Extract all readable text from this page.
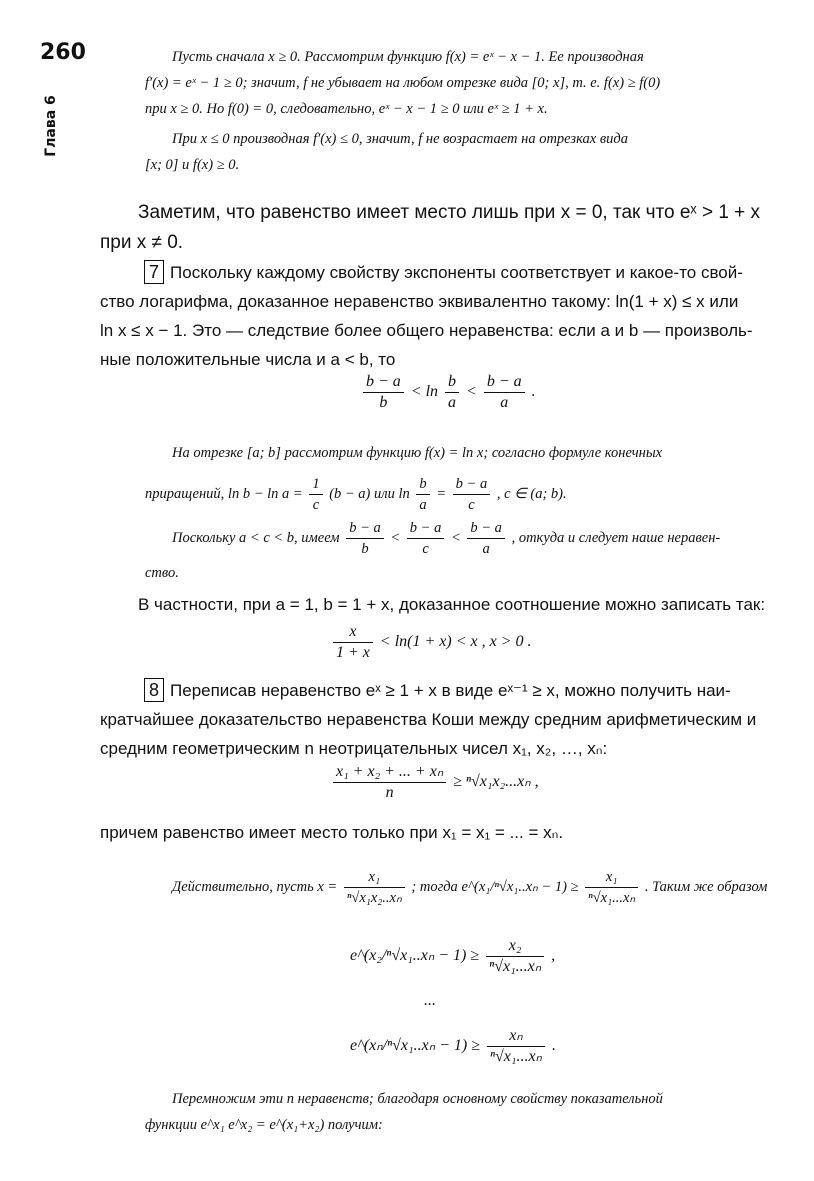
260
Глава 6
Пусть сначала x ≥ 0. Рассмотрим функцию f(x) = eˣ − x − 1. Ее производная
f′(x) = eˣ − 1 ≥ 0; значит, f не убывает на любом отрезке вида [0; x], т. е. f(x) ≥ f(0)
при x ≥ 0. Но f(0) = 0, следовательно, eˣ − x − 1 ≥ 0 или eˣ ≥ 1 + x.
При x ≤ 0 производная f′(x) ≤ 0, значит, f не возрастает на отрезках вида
[x; 0] и f(x) ≥ 0.
Заметим, что равенство имеет место лишь при x = 0, так что eˣ > 1 + x
при x ≠ 0.
7 Поскольку каждому свойству экспоненты соответствует и какое-то свой-
ство логарифма, доказанное неравенство эквивалентно такому: ln(1 + x) ≤ x или
ln x ≤ x − 1. Это — следствие более общего неравенства: если a и b — произволь-
ные положительные числа и a < b, то
$\frac{b - a}{b} < \ln \frac{b}{a} < \frac{b - a}{a}$ .
На отрезке [a; b] рассмотрим функцию f(x) = ln x; согласно формуле конечных
приращений, $\ln b - \ln a = \frac{1}{c} (b - a)$ или $\ln \frac{b}{a} = \frac{b - a}{c}$ , c ∈ (a; b).
Поскольку a < c < b, имеем $\frac{b - a}{b} < \frac{b - a}{c} < \frac{b - a}{a}$ , откуда и следует наше неравен-
ство.
В частности, при a = 1, b = 1 + x, доказанное соотношение можно записать так:
$\frac{x}{1 + x} < \ln(1 + x) < x$ , x > 0 .
8 Переписав неравенство eˣ ≥ 1 + x в виде eˣ⁻¹ ≥ x, можно получить наи-
кратчайшее доказательство неравенства Коши между средним арифметическим и
средним геометрическим n неотрицательных чисел x₁, x₂, …, xₙ:
$\frac{\text{x₁ + x₂ + ... + xₙ}}{n} \ge ^n√x_1x_2...x_n$ ,
причем равенство имеет место только при x₁ = x₁ = ... = xₙ.
Действительно, пусть $x = \frac{\text{x₁}}{\text{ⁿ√x₁x₂..xₙ}}$ ; тогда e^(x₁/ⁿ√x₁..xₙ − $1) \ge \frac{\text{x₁}}{\text{ⁿ√x₁...xₙ}}$ . Таким же образом
e^(x₂/ⁿ√x₁..xₙ − $1) \ge \frac{\text{x₂}}{\text{ⁿ√x₁...xₙ}}$ ,
...
e^(xₙ/ⁿ√x₁..xₙ − $1) \ge \frac{\text{xₙ}}{\text{ⁿ√x₁...xₙ}}$ .
Перемножим эти n неравенств; благодаря основному свойству показательной
функции e^x₁ e^x₂ = e^(x₁+x₂) получим:
